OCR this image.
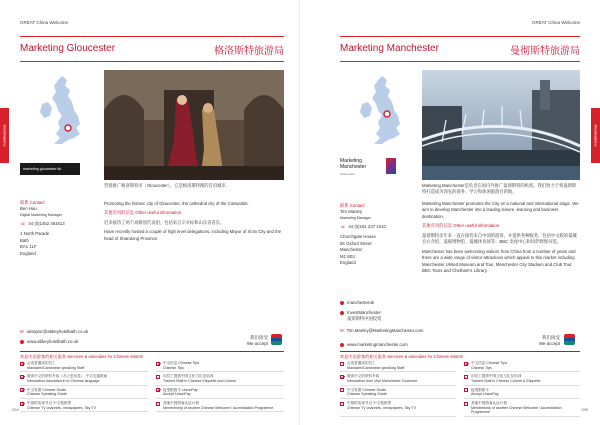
GREAT China Welcome
Marketing Gloucester	格洛斯特旅游局
marketing gloucester ltd
营销推广格洛斯特市（Gloucester），它是格洛斯特郡的首府城市。
联系 Contact
Ben Hau
Digital Marketing Manager
☏ 44 (0)1452 461613
1 North Parade
Bath
BA1 1LF
England

Promoting the historic city of Gloucester, the cathedral city of the Cotswolds.

其他有用的信息 Other useful information

近来接待了两个高级别代表团，包括来自辛亥标和山东省省长。

Have recently hosted a couple of high level delegations, including Mayor of Xi'an City and the head of Shandong Province.

✉ iantaylor@abbeyhotelbath.co.uk
www.abbeyhotelbath.co.uk
我们接受
We accept
欢迎中国游客的相关服务 Services & amenities for Chinese visitors
会说普通话的员工
Mandarin/Cantonese speaking Staff
中文信息 Chinese Tips
Chinese Tips
简体中文的资料介绍（办公室信息） 中文交通指南
Information translated in to Chinese language
向员工提供中国文化与礼仪培训
Trained Staff in Chinese Etiquette and Culture
中文导游 Chinese Guide
Chinese Speaking Guide
接受银联卡 UnionPay
Accept UnionPay
中国的电视节目 中文报纸等
Chinese TV channels, newspapers, Sky TV
其他中国游客认证计划
Membership of another Chinese Welcome / Accreditation Programme
Destinations
294
GREAT China Welcome
Marketing Manchester	曼彻斯特旅游局
Marketing
Manchester
Passionate
Marketing Manchester是负责在国内外推广曼彻斯特的机构。我们致力于将曼彻斯特打造成为领先的商务、学习和休闲旅游目的地。
联系 Contact
Tim Manley
Marketing Manager
☏ 44 (0)161 237 1010
Churchgate House
56 Oxford Street
Manchester
M1 6EU
England

Marketing Manchester promotes the City on a national and international stage. We aim to develop Manchester into a leading leisure, learning and business destination.

其他有用的信息 Other useful information

曼彻斯特多年来一直在接待来自中国的游客，并提供各种服务，包括中文版的曼城官方介绍、曼联博物馆、曼城体育场等；BBC 电视中心和切萨姆图书馆。

Manchester has been welcoming visitors from China from a number of years and there are a wide range of visitor attractions which appeal to this market including Manchester United Museum and Tour, Manchester City Stadium and Club Tour, BBC Tours and Chetham's Library.

manchesteruk
InvestManchester
曼彻斯特中国投资
✉ Tim.Manley@MarketingManchester.com
www.marketingmanchester.com
我们接受
We accept
欢迎中国游客的相关服务 Services & amenities for Chinese visitors
会说普通话的员工
Mandarin/Cantonese speaking Staff
中文信息 Chinese Tips
Chinese Tips
简体中文的资料介绍
Information from Visit Manchester Customer
向员工提供中国文化与礼仪培训
Trained Staff in Chinese Culture & Etiquette
中文导游 Chinese Guide
Chinese Speaking Guide
接受银联卡
Accept UnionPay
中国的电视节目 中文报纸等
Chinese TV channels, newspapers, Sky TV
其他中国游客认证计划
Membership of another Chinese Welcome / Accreditation Programme
Destinations
295
